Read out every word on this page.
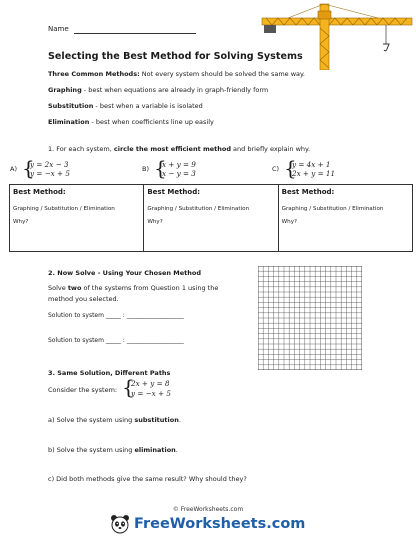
Name
Selecting the Best Method for Solving Systems
Three Common Methods: Not every system should be solved the same way.
Graphing - best when equations are already in graph-friendly form
Substitution - best when a variable is isolated
Elimination - best when coefficients line up easily
1. For each system, circle the most efficient method and briefly explain why.
A) {
y = 2x − 3
y = −x + 5	B) {
x + y = 9
x − y = 3	C) {
y = 4x + 1
2x + y = 11
Best Method:
Graphing / Substitution / Elimination
Why?

Best Method:
Graphing / Substitution / Elimination
Why?

Best Method:
Graphing / Substitution / Elimination
Why?
2. Now Solve - Using Your Chosen Method
Solve two of the systems from Question 1 using the
method you selected.
Solution to system _____ : ___________________
Solution to system _____ : ___________________
3. Same Solution, Different Paths
Consider the system: {
2x + y = 8
y = −x + 5
a) Solve the system using substitution.
b) Solve the system using elimination.
c) Did both methods give the same result? Why should they?
© FreeWorksheets.com
FreeWorksheets.com
